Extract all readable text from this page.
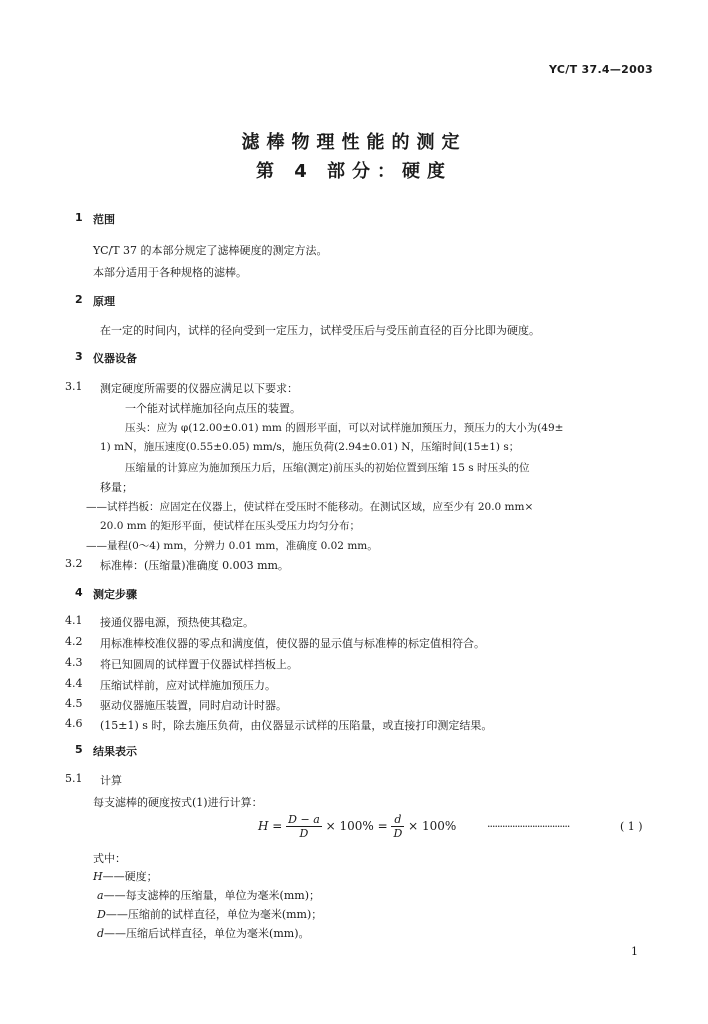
YC/T 37.4—2003
滤棒物理性能的测定
第 4 部分：硬度
1 范围
YC/T 37 的本部分规定了滤棒硬度的测定方法。
本部分适用于各种规格的滤棒。
2 原理
在一定的时间内，试样的径向受到一定压力，试样受压后与受压前直径的百分比即为硬度。
3 仪器设备
3.1 测定硬度所需要的仪器应满足以下要求：
一个能对试样施加径向点压的装置。
压头：应为 φ(12.00±0.01) mm 的圆形平面，可以对试样施加预压力，预压力的大小为(49±
1) mN，施压速度(0.55±0.05) mm/s，施压负荷(2.94±0.01) N，压缩时间(15±1) s；
压缩量的计算应为施加预压力后，压缩(测定)前压头的初始位置到压缩 15 s 时压头的位
移量；
——试样挡板：应固定在仪器上，使试样在受压时不能移动。在测试区域，应至少有 20.0 mm×
20.0 mm 的矩形平面，使试样在压头受压力均匀分布；
——量程(0～4) mm，分辨力 0.01 mm，准确度 0.02 mm。
3.2 标准棒：(压缩量)准确度 0.003 mm。
4 测定步骤
4.1 接通仪器电源，预热使其稳定。
4.2 用标准棒校准仪器的零点和满度值，使仪器的显示值与标准棒的标定值相符合。
4.3 将已知圆周的试样置于仪器试样挡板上。
4.4 压缩试样前，应对试样施加预压力。
4.5 驱动仪器施压装置，同时启动计时器。
4.6 (15±1) s 时，除去施压负荷，由仪器显示试样的压陷量，或直接打印测定结果。
5 结果表示
5.1 计算
每支滤棒的硬度按式(1)进行计算：
$H = \frac{D - a}{D} \times 100\% = \frac{d}{D} \times 100\%$	·································	( 1 )
式中：
H——硬度；
a——每支滤棒的压缩量，单位为毫米(mm)；
D——压缩前的试样直径，单位为毫米(mm)；
d——压缩后试样直径，单位为毫米(mm)。
1
